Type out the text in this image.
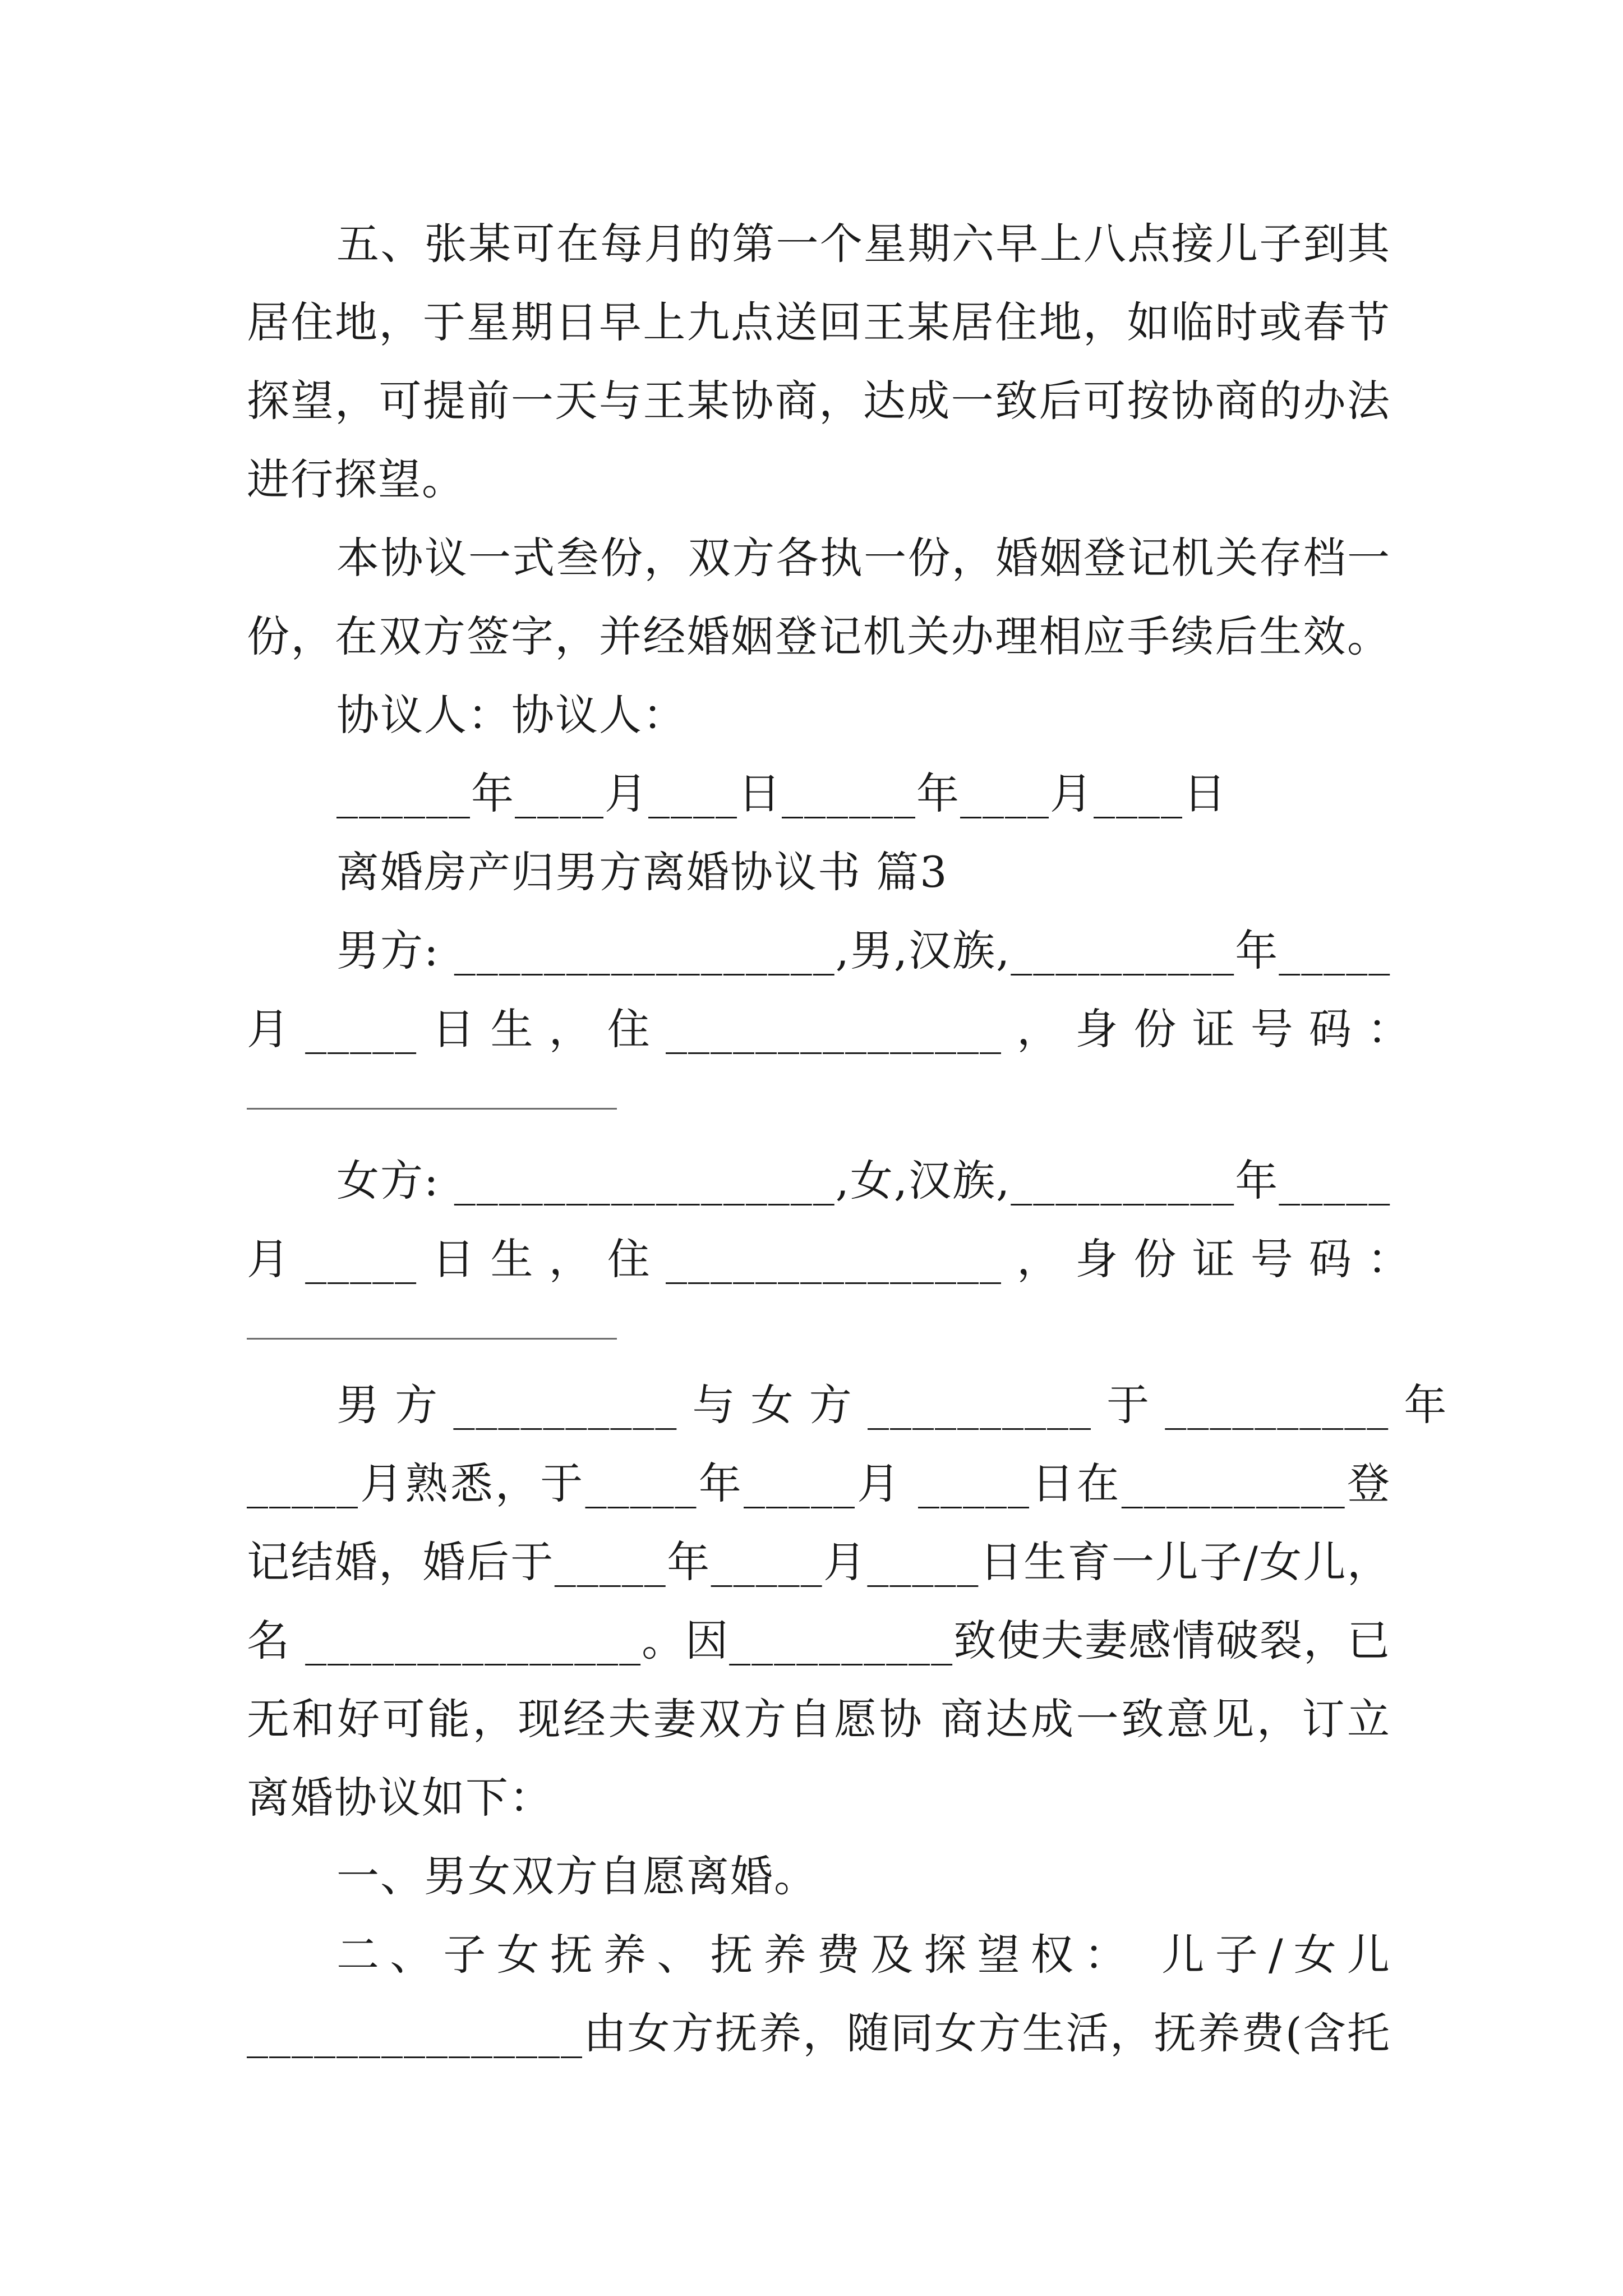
五、张某可在每月的第一个星期六早上八点接儿子到其
居住地，于星期日早上九点送回王某居住地，如临时或春节
探望，可提前一天与王某协商，达成一致后可按协商的办法
进行探望。
本协议一式叁份，双方各执一份，婚姻登记机关存档一
份，在双方签字，并经婚姻登记机关办理相应手续后生效。
协议人：协议人：
______年____月____日______年____月____日
离婚房产归男方离婚协议书 篇3
男方: _________________,男,汉族,__________年_____
月 _____ 日 生 ， 住 _______________ ， 身 份 证 号 码 ：
女方: _________________,女,汉族,__________年_____
月 _____ 日 生 ， 住 _______________ ， 身 份 证 号 码 ：
男 方 __________ 与 女 方 __________ 于 __________ 年
_____月熟悉，于_____年_____月 _____日在__________登
记结婚，婚后于_____年_____月_____日生育一儿子/女儿，
名 _______________。因__________致使夫妻感情破裂，已
无和好可能，现经夫妻双方自愿协 商达成一致意见，订立
离婚协议如下：
一、男女双方自愿离婚。
二、子女抚养、抚养费及探望权： 儿子/女儿
_______________由女方抚养，随同女方生活，抚养费(含托
